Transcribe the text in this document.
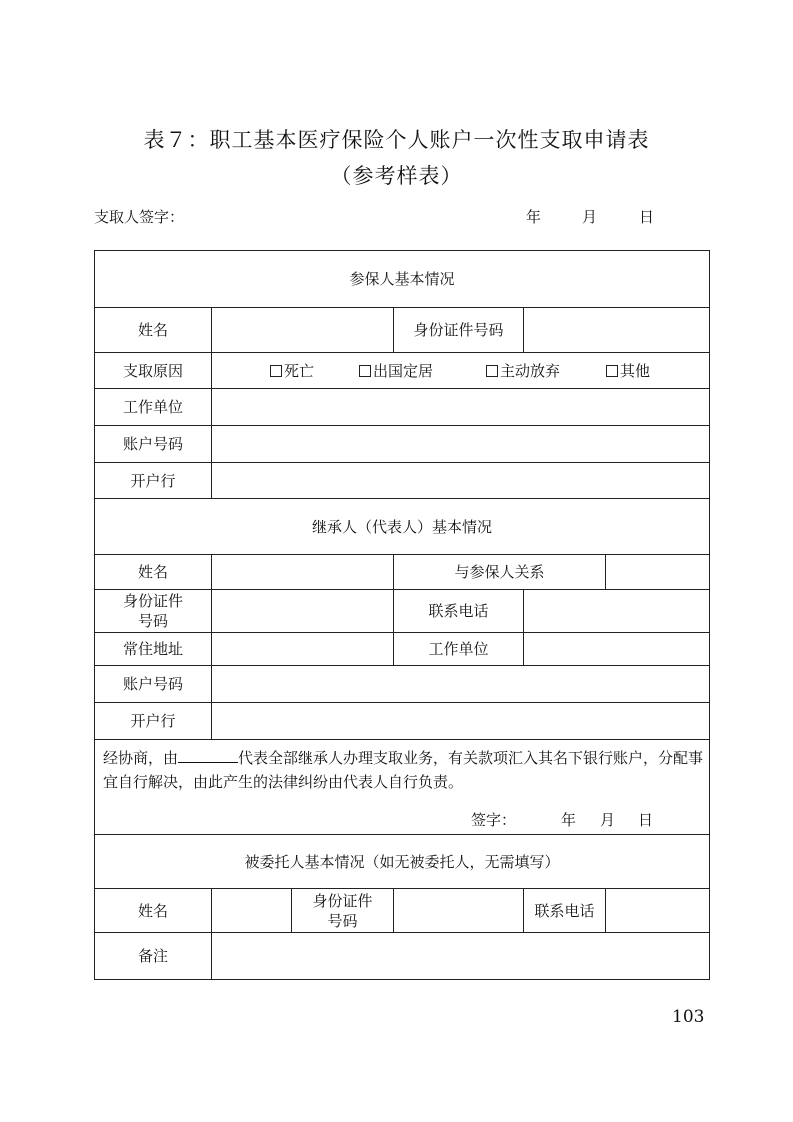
表７：职工基本医疗保险个人账户一次性支取申请表
（参考样表）
支取人签字：	年	月	日
参保人基本情况					
姓名			身份证件号码		
支取原因	死亡 出国定居 主动放弃 其他				

工作单位					
账户号码					
开户行					
继承人（代表人）基本情况					
姓名			与参保人关系		
身份证件
号码			联系电话		
常住地址			工作单位		
账户号码					
开户行					

经协商，由 代表全部继承人办理支取业务，有关款项汇入其名下银行账户，分配事宜自行解决，由此产生的法律纠纷由代表人自行负责。
签字： 年 月 日					

被委托人基本情况（如无被委托人，无需填写）					
姓名		身份证件
号码		联系电话	
备注					
103
